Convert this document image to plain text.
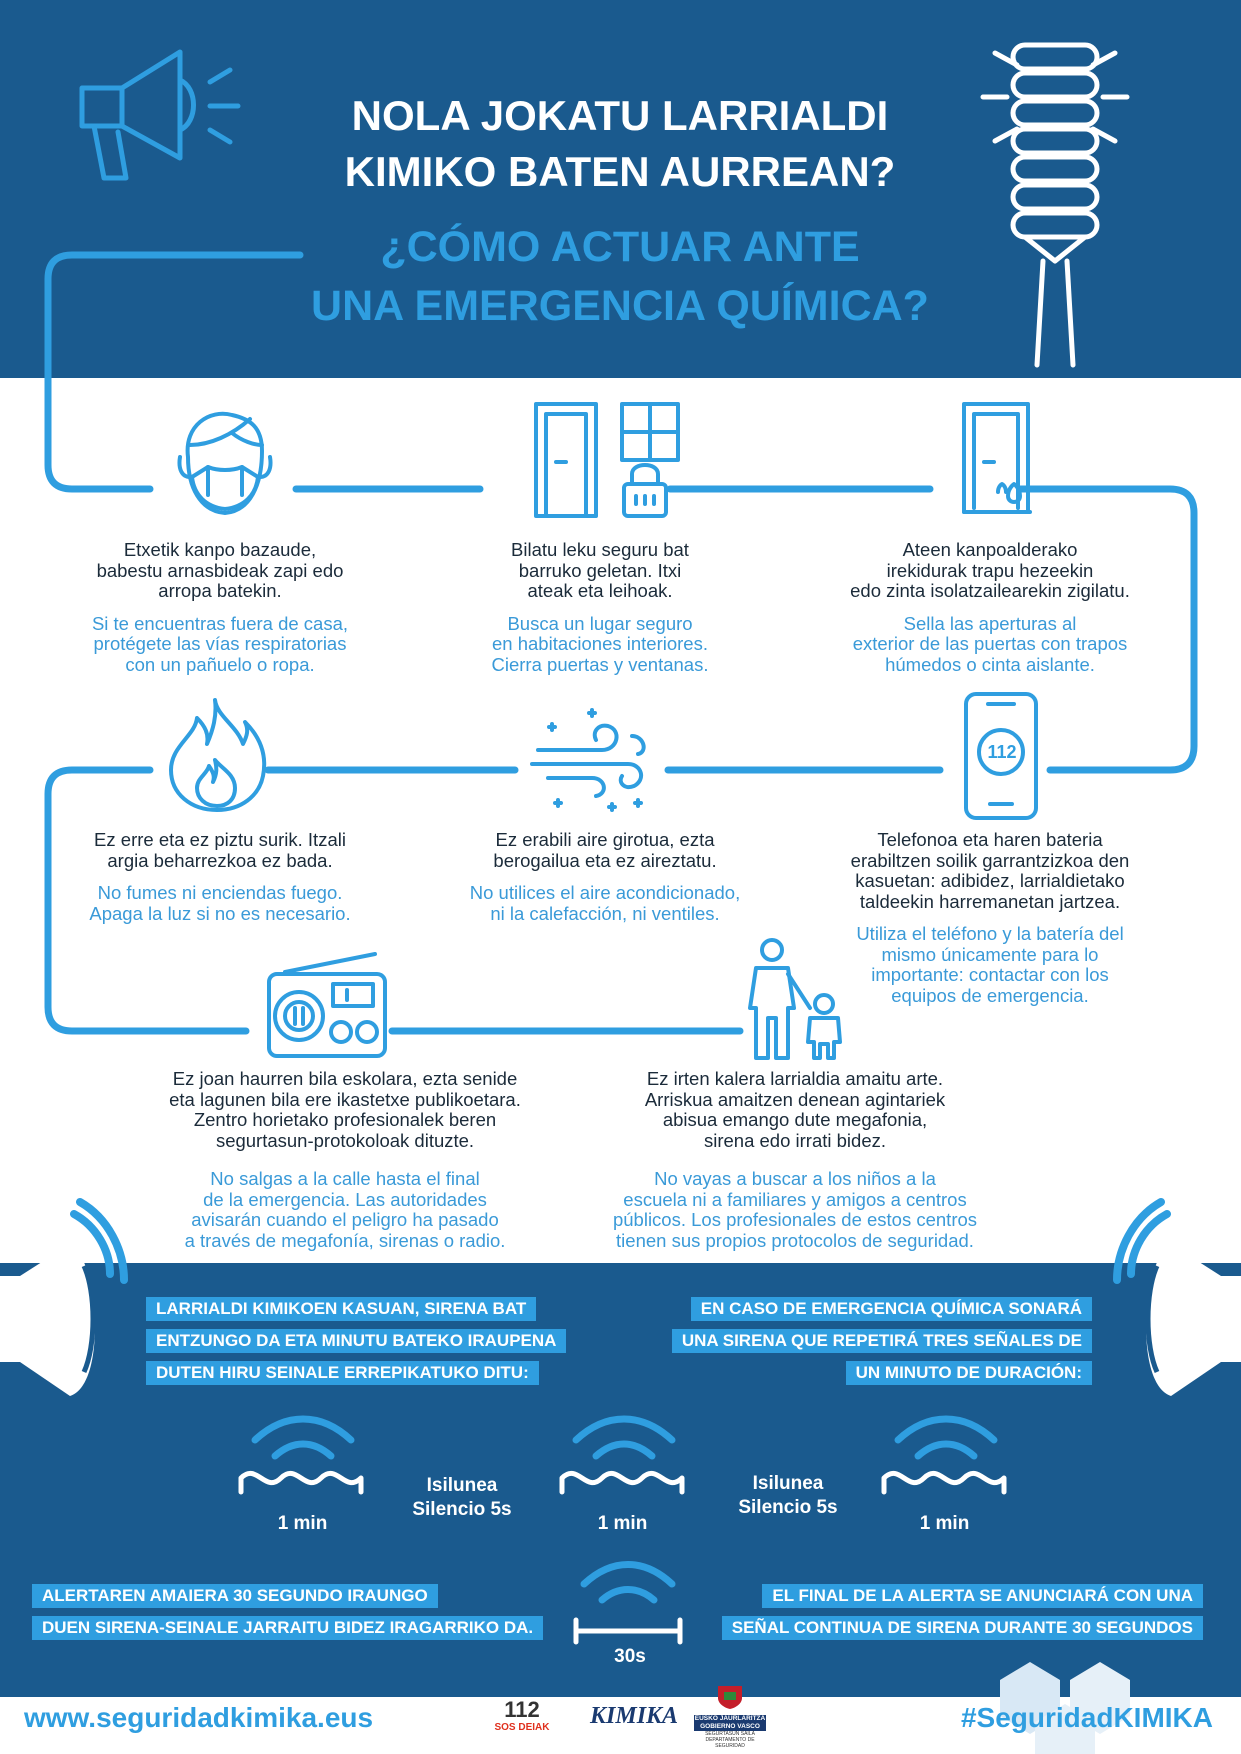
NOLA JOKATU LARRIALDI
KIMIKO BATEN AURREAN?
¿CÓMO ACTUAR ANTE
UNA EMERGENCIA QUÍMICA?
112
Etxetik kanpo bazaude,
babestu arnasbideak zapi edo
arropa batekin.
Si te encuentras fuera de casa,
protégete las vías respiratorias
con un pañuelo o ropa.
Bilatu leku seguru bat
barruko geletan. Itxi
ateak eta leihoak.
Busca un lugar seguro
en habitaciones interiores.
Cierra puertas y ventanas.
Ateen kanpoalderako
irekidurak trapu hezeekin
edo zinta isolatzailearekin zigilatu.
Sella las aperturas al
exterior de las puertas con trapos
húmedos o cinta aislante.
Ez erre eta ez piztu surik. Itzali
argia beharrezkoa ez bada.
No fumes ni enciendas fuego.
Apaga la luz si no es necesario.
Ez erabili aire girotua, ezta
berogailua eta ez aireztatu.
No utilices el aire acondicionado,
ni la calefacción, ni ventiles.
Telefonoa eta haren bateria
erabiltzen soilik garrantzizkoa den
kasuetan: adibidez, larrialdietako
taldeekin harremanetan jartzea.
Utiliza el teléfono y la batería del
mismo únicamente para lo
importante: contactar con los
equipos de emergencia.
Ez joan haurren bila eskolara, ezta senide
eta lagunen bila ere ikastetxe publikoetara.
Zentro horietako profesionalek beren
segurtasun-protokoloak dituzte.
No salgas a la calle hasta el final
de la emergencia. Las autoridades
avisarán cuando el peligro ha pasado
a través de megafonía, sirenas o radio.
Ez irten kalera larrialdia amaitu arte.
Arriskua amaitzen denean agintariek
abisua emango dute megafonia,
sirena edo irrati bidez.
No vayas a buscar a los niños a la
escuela ni a familiares y amigos a centros
públicos. Los profesionales de estos centros
tienen sus propios protocolos de seguridad.
LARRIALDI KIMIKOEN KASUAN, SIRENA BAT
ENTZUNGO DA ETA MINUTU BATEKO IRAUPENA
DUTEN HIRU SEINALE ERREPIKATUKO DITU:
EN CASO DE EMERGENCIA QUÍMICA SONARÁ
UNA SIRENA QUE REPETIRÁ TRES SEÑALES DE
UN MINUTO DE DURACIÓN:
1 min	1 min	1 min
Isilunea
Silencio 5s
Isilunea
Silencio 5s
30s
ALERTAREN AMAIERA 30 SEGUNDO IRAUNGO
DUEN SIRENA-SEINALE JARRAITU BIDEZ IRAGARRIKO DA.
EL FINAL DE LA ALERTA SE ANUNCIARÁ CON UNA
SEÑAL CONTINUA DE SIRENA DURANTE 30 SEGUNDOS
www.seguridadkimika.eus	#SeguridadKIMIKA
112
SOS DEIAK	KIMIKA	EUSKO JAURLARITZA
GOBIERNO VASCO
SEGURTASUN SAILA
DEPARTAMENTO DE SEGURIDAD
